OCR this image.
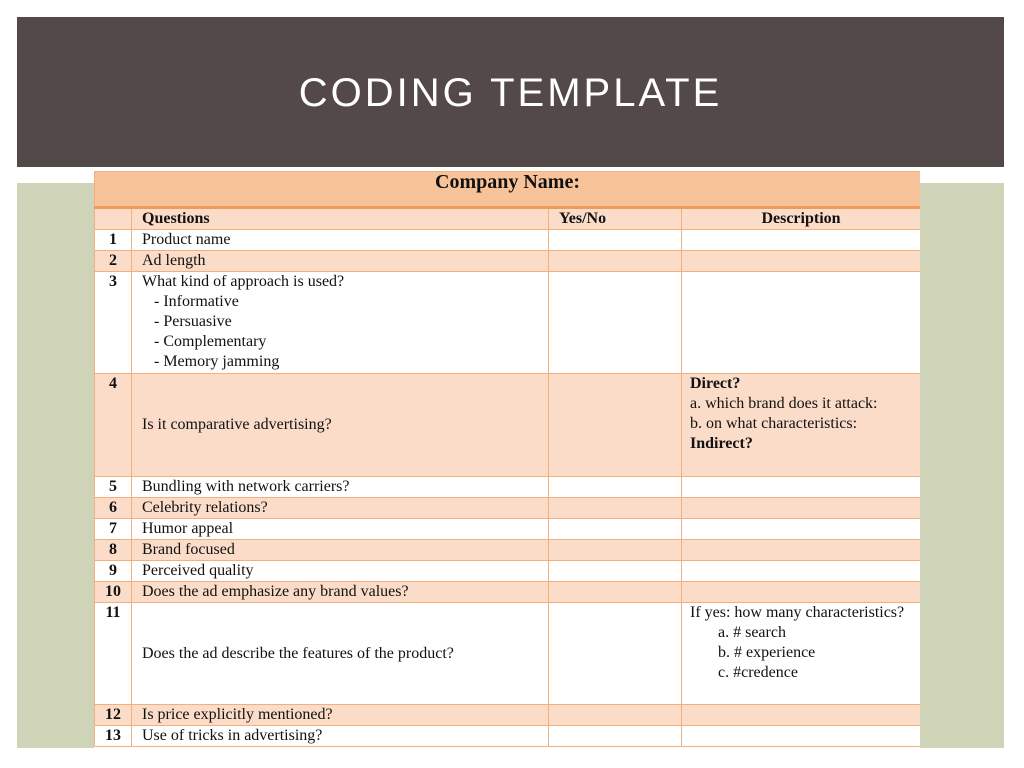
CODING TEMPLATE
Company Name:			
	Questions	Yes/No	Description
1	Product name		
2	Ad length		
3	What kind of approach is used?
- Informative
- Persuasive
- Complementary
- Memory jamming		

4	Is it comparative advertising?		Direct?
a. which brand does it attack:
b. on what characteristics:
Indirect?

5	Bundling with network carriers?		
6	Celebrity relations?		
7	Humor appeal		
8	Brand focused		
9	Perceived quality		
10	Does the ad emphasize any brand values?		
11	Does the ad describe the features of the product?		If yes: how many characteristics?
a. # search
b. # experience
c. #credence

12	Is price explicitly mentioned?		
13	Use of tricks in advertising?		
